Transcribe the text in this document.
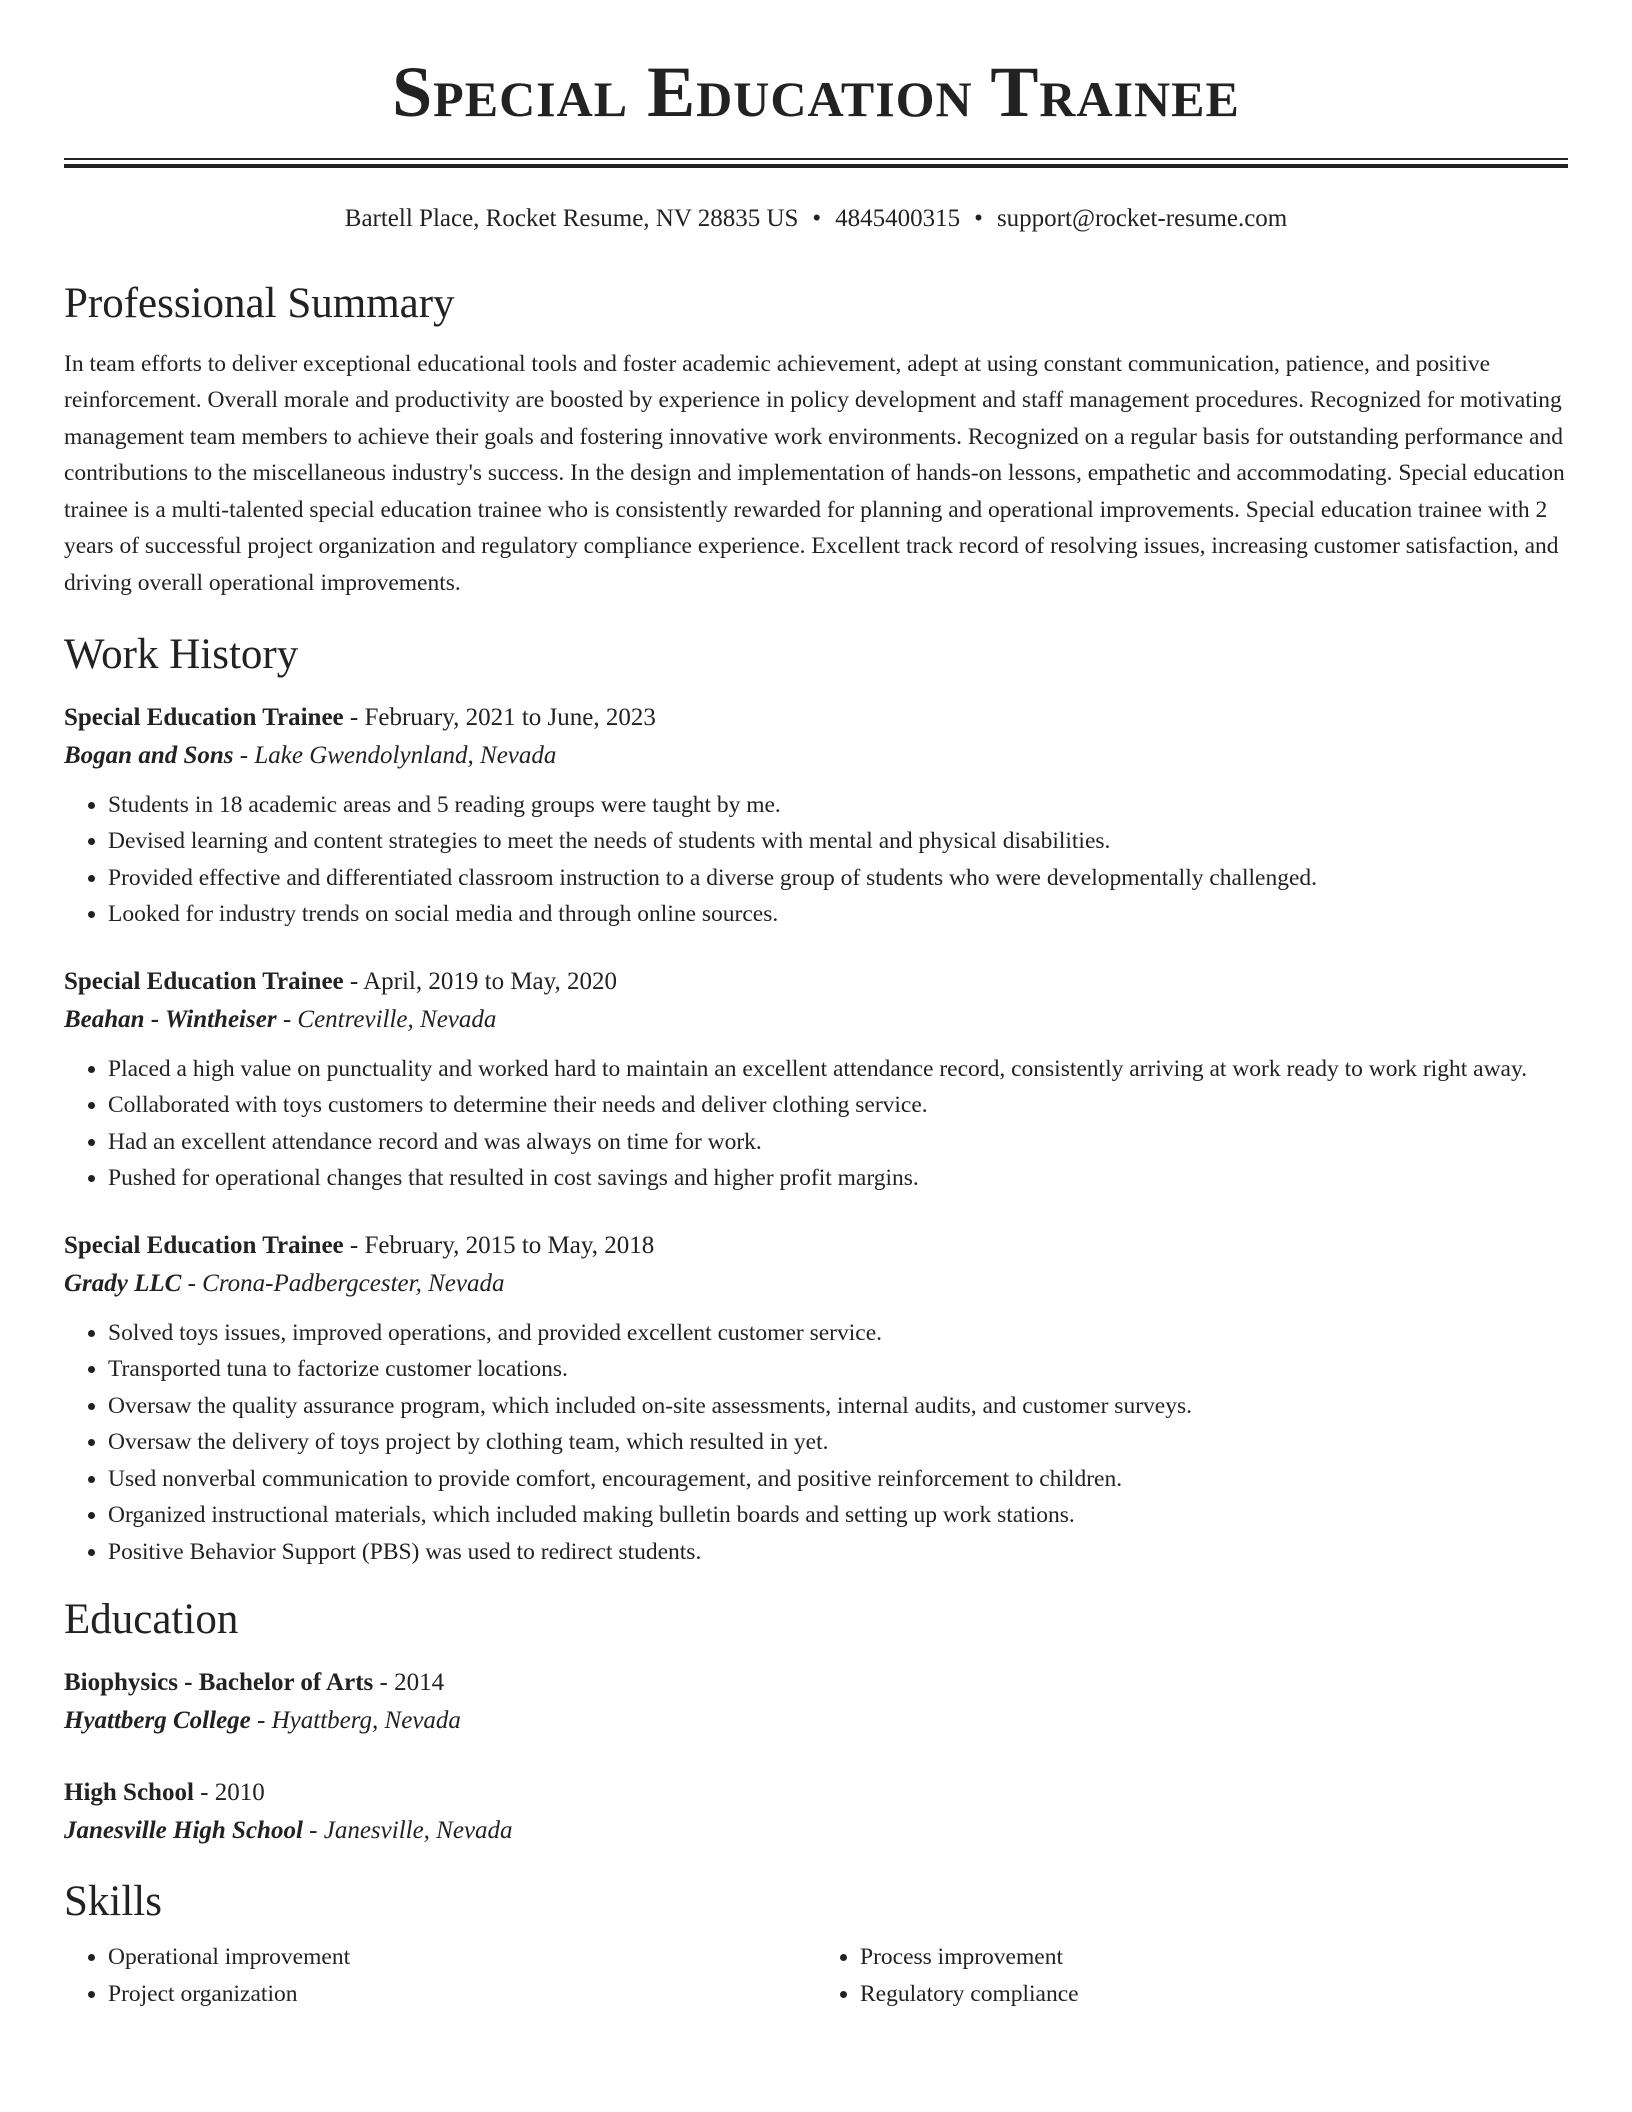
Special Education Trainee
Bartell Place, Rocket Resume, NV 28835 US • 4845400315 • support@rocket-resume.com
Professional Summary
In team efforts to deliver exceptional educational tools and foster academic achievement, adept at using constant communication, patience, and positive reinforcement. Overall morale and productivity are boosted by experience in policy development and staff management procedures. Recognized for motivating management team members to achieve their goals and fostering innovative work environments. Recognized on a regular basis for outstanding performance and contributions to the miscellaneous industry's success. In the design and implementation of hands-on lessons, empathetic and accommodating. Special education trainee is a multi-talented special education trainee who is consistently rewarded for planning and operational improvements. Special education trainee with 2 years of successful project organization and regulatory compliance experience. Excellent track record of resolving issues, increasing customer satisfaction, and driving overall operational improvements.
Work History
Special Education Trainee - February, 2021 to June, 2023
Bogan and Sons - Lake Gwendolynland, Nevada
• Students in 18 academic areas and 5 reading groups were taught by me.
• Devised learning and content strategies to meet the needs of students with mental and physical disabilities.
• Provided effective and differentiated classroom instruction to a diverse group of students who were developmentally challenged.
• Looked for industry trends on social media and through online sources.
Special Education Trainee - April, 2019 to May, 2020
Beahan - Wintheiser - Centreville, Nevada
• Placed a high value on punctuality and worked hard to maintain an excellent attendance record, consistently arriving at work ready to work right away.
• Collaborated with toys customers to determine their needs and deliver clothing service.
• Had an excellent attendance record and was always on time for work.
• Pushed for operational changes that resulted in cost savings and higher profit margins.
Special Education Trainee - February, 2015 to May, 2018
Grady LLC - Crona-Padbergcester, Nevada
• Solved toys issues, improved operations, and provided excellent customer service.
• Transported tuna to factorize customer locations.
• Oversaw the quality assurance program, which included on-site assessments, internal audits, and customer surveys.
• Oversaw the delivery of toys project by clothing team, which resulted in yet.
• Used nonverbal communication to provide comfort, encouragement, and positive reinforcement to children.
• Organized instructional materials, which included making bulletin boards and setting up work stations.
• Positive Behavior Support (PBS) was used to redirect students.
Education
Biophysics - Bachelor of Arts - 2014
Hyattberg College - Hyattberg, Nevada
High School - 2010
Janesville High School - Janesville, Nevada
Skills
• Operational improvement
• Project organization
• Process improvement
• Regulatory compliance
